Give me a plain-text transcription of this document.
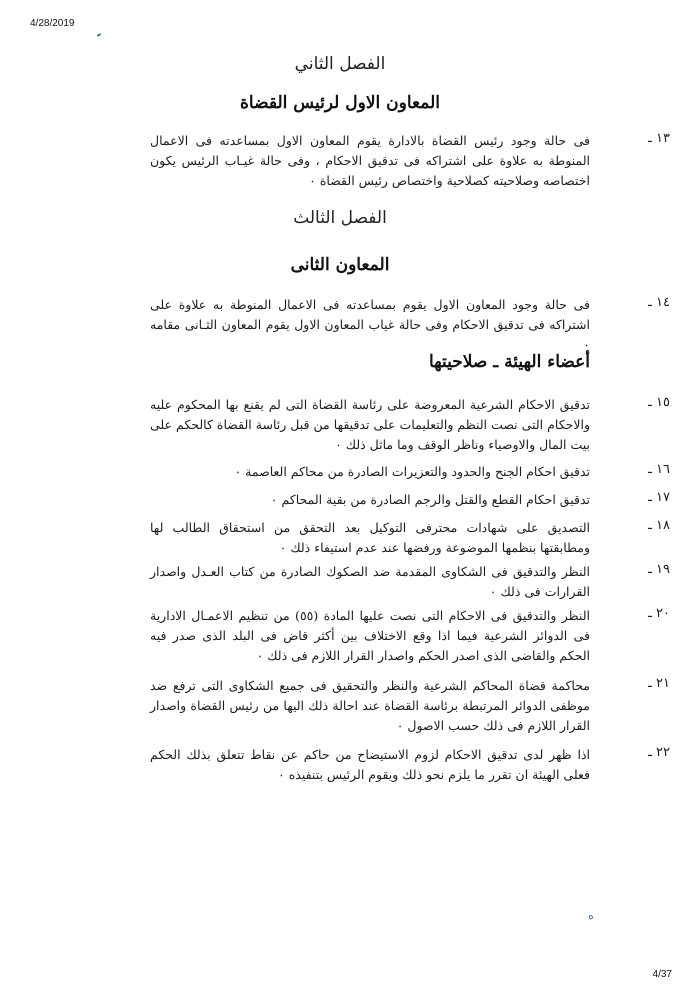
4/28/2019
الفصل الثاني
المعاون الاول لرئيس القضاة
١٣ ـ
فى حالة وجود رئيس القضاة بالادارة يقوم المعاون الاول بمساعدته فى الاعمال المنوطة به علاوة على اشتراكه فى تدقيق الاحكام ، وفى حالة غيـاب الرئيس يكون اختصاصه وصلاحيته كصلاحية واختصاص رئيس القضاة ٠
الفصل الثالث
المعاون الثانى
١٤ ـ
فى حالة وجود المعاون الاول يقوم بمساعدته فى الاعمال المنوطة به علاوة على اشتراكه فى تدقيق الاحكام وفى حالة غياب المعاون الاول يقوم المعاون الثـانى مقامه ٠
أعضاء الهيئة ـ صلاحيتها
١٥ ـ
تدقيق الاحكام الشرعية المعروضة على رئاسة القضاة التى لم يقنع بها المحكوم عليه والاحكام التى نصت النظم والتعليمات على تدقيقها من قبل رئاسة القضاة كالحكم على بيت المال والاوصياء وناظر الوقف وما ماثل ذلك ٠
١٦ ـ
تدقيق احكام الجنح والحدود والتعزيرات الصادرة من محاكم العاصمة ٠
١٧ ـ
تدقيق احكام القطع والقتل والرجم الصادرة من بقية المحاكم ٠
١٨ ـ
التصديق على شهادات محترفى التوكيل بعد التحقق من استحقاق الطالب لها ومطابقتها بنظمها الموضوعة ورفضها عند عدم استيفاء ذلك ٠
١٩ ـ
النظر والتدقيق فى الشكاوى المقدمة ضد الصكوك الصادرة من كتاب العـدل واصدار القرارات فى ذلك ٠
٢٠ ـ
النظر والتدقيق فى الاحكام التى نصت عليها المادة (٥٥) من تنظيم الاعمـال الادارية فى الدوائر الشرعية فيما اذا وقع الاختلاف بين أكثر قاض فى البلد الذى صدر فيه الحكم والقاضى الذى اصدر الحكم واصدار القرار اللازم فى ذلك ٠
٢١ ـ
محاكمة قضاة المحاكم الشرعية والنظر والتحقيق فى جميع الشكاوى التى ترفع ضد موظفى الدوائر المرتبطة برئاسة القضاة عند احالة ذلك اليها من رئيس القضاة واصدار القرار اللازم فى ذلك حسب الاصول ٠
٢٢ ـ
اذا ظهر لدى تدقيق الاحكام لزوم الاستيضاح من حاكم عن نقاط تتعلق بذلك الحكم فعلى الهيئة ان تقرر ما يلزم نحو ذلك ويقوم الرئيس بتنفيذه ٠
ه
4/37
